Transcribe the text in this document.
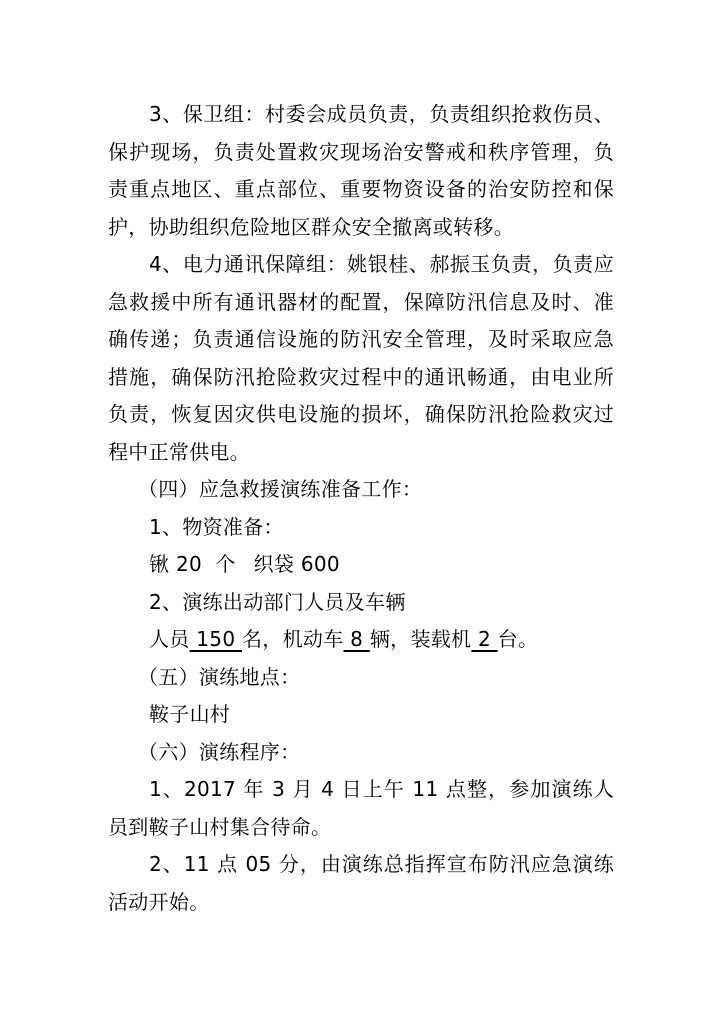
3、保卫组：村委会成员负责，负责组织抢救伤员、保护现场，负责处置救灾现场治安警戒和秩序管理，负责重点地区、重点部位、重要物资设备的治安防控和保护，协助组织危险地区群众安全撤离或转移。

4、电力通讯保障组：姚银桂、郝振玉负责，负责应急救援中所有通讯器材的配置，保障防汛信息及时、准确传递；负责通信设施的防汛安全管理，及时采取应急措施，确保防汛抢险救灾过程中的通讯畅通，由电业所负责，恢复因灾供电设施的损坏，确保防汛抢险救灾过程中正常供电。

（四）应急救援演练准备工作：

1、物资准备：

锹 20  个 织袋 600

2、演练出动部门人员及车辆

人员 150 名，机动车 8 辆，装载机 2 台。

（五）演练地点：

鞍子山村

（六）演练程序：

1、2017 年 3 月 4 日上午 11 点整，参加演练人员到鞍子山村集合待命。

2、11 点 05 分，由演练总指挥宣布防汛应急演练活动开始。
